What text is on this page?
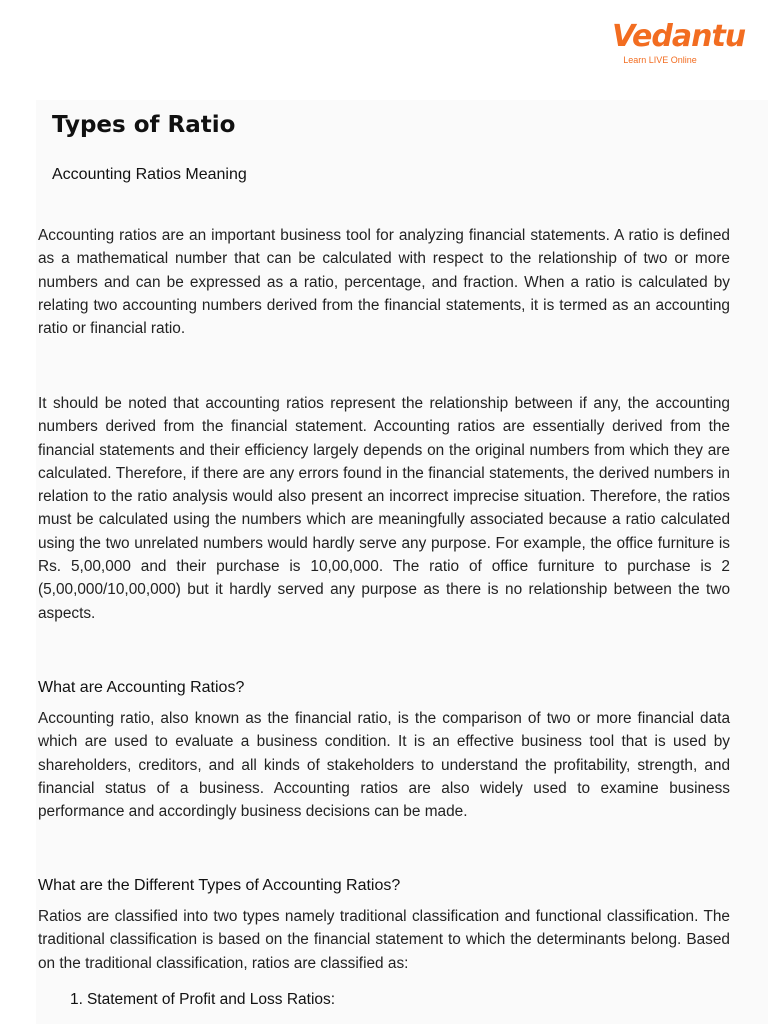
Vedantu
Learn LIVE Online
Types of Ratio
Accounting Ratios Meaning
Accounting ratios are an important business tool for analyzing financial statements. A ratio is defined as a mathematical number that can be calculated with respect to the relationship of two or more numbers and can be expressed as a ratio, percentage, and fraction. When a ratio is calculated by relating two accounting numbers derived from the financial statements, it is termed as an accounting ratio or financial ratio.
It should be noted that accounting ratios represent the relationship between if any, the accounting numbers derived from the financial statement. Accounting ratios are essentially derived from the financial statements and their efficiency largely depends on the original numbers from which they are calculated. Therefore, if there are any errors found in the financial statements, the derived numbers in relation to the ratio analysis would also present an incorrect imprecise situation. Therefore, the ratios must be calculated using the numbers which are meaningfully associated because a ratio calculated using the two unrelated numbers would hardly serve any purpose. For example, the office furniture is Rs. 5,00,000 and their purchase is 10,00,000. The ratio of office furniture to purchase is 2 (5,00,000/10,00,000) but it hardly served any purpose as there is no relationship between the two aspects.
What are Accounting Ratios?
Accounting ratio, also known as the financial ratio, is the comparison of two or more financial data which are used to evaluate a business condition. It is an effective business tool that is used by shareholders, creditors, and all kinds of stakeholders to understand the profitability, strength, and financial status of a business. Accounting ratios are also widely used to examine business performance and accordingly business decisions can be made.
What are the Different Types of Accounting Ratios?
Ratios are classified into two types namely traditional classification and functional classification. The traditional classification is based on the financial statement to which the determinants belong. Based on the traditional classification, ratios are classified as:
1. Statement of Profit and Loss Ratios:
